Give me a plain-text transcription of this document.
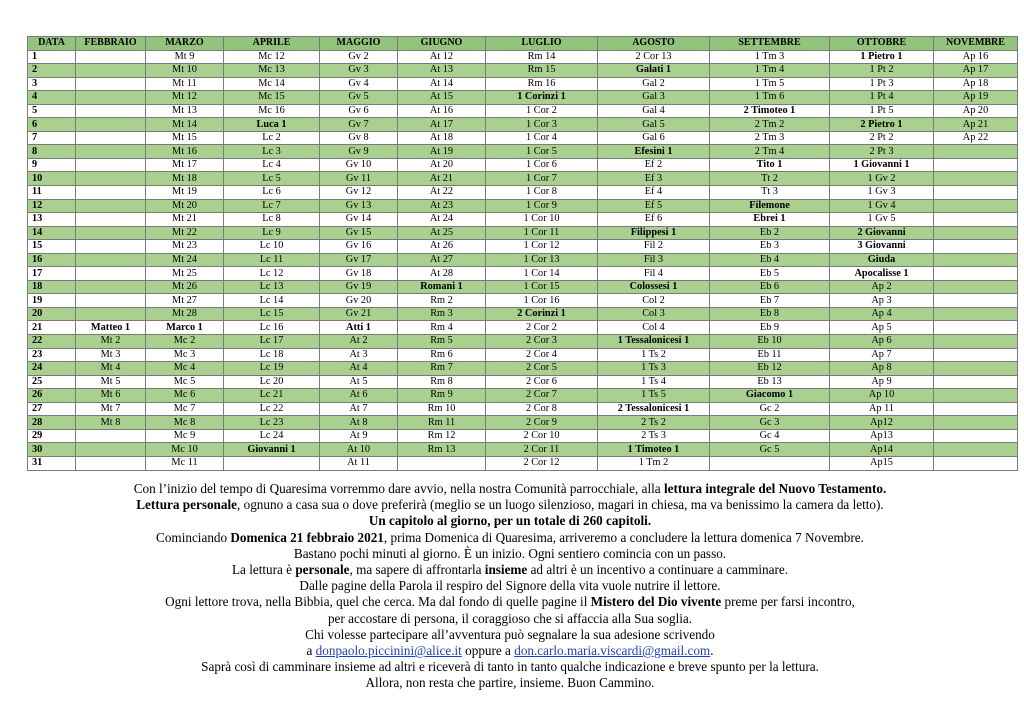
DATA	FEBBRAIO	MARZO	APRILE	MAGGIO	GIUGNO	LUGLIO	AGOSTO	SETTEMBRE	OTTOBRE	NOVEMBRE
1		Mt 9	Mc 12	Gv 2	At 12	Rm 14	2 Cor 13	1 Tm 3	1 Pietro 1	Ap 16
2		Mt 10	Mc 13	Gv 3	At 13	Rm 15	Galati 1	1 Tm 4	1 Pt 2	Ap 17
3		Mt 11	Mc 14	Gv 4	At 14	Rm 16	Gal 2	1 Tm 5	1 Pt 3	Ap 18
4		Mt 12	Mc 15	Gv 5	At 15	1 Corinzi 1	Gal 3	1 Tm 6	1 Pt 4	Ap 19
5		Mt 13	Mc 16	Gv 6	At 16	1 Cor 2	Gal 4	2 Timoteo 1	1 Pt 5	Ap 20
6		Mt 14	Luca 1	Gv 7	At 17	1 Cor 3	Gal 5	2 Tm 2	2 Pietro 1	Ap 21
7		Mt 15	Lc 2	Gv 8	At 18	1 Cor 4	Gal 6	2 Tm 3	2 Pt 2	Ap 22
8		Mt 16	Lc 3	Gv 9	At 19	1 Cor 5	Efesini 1	2 Tm 4	2 Pt 3	
9		Mt 17	Lc 4	Gv 10	At 20	1 Cor 6	Ef 2	Tito 1	1 Giovanni 1	
10		Mt 18	Lc 5	Gv 11	At 21	1 Cor 7	Ef 3	Tt 2	1 Gv 2	
11		Mt 19	Lc 6	Gv 12	At 22	1 Cor 8	Ef 4	Tt 3	1 Gv 3	
12		Mt 20	Lc 7	Gv 13	At 23	1 Cor 9	Ef 5	Filemone	1 Gv 4	
13		Mt 21	Lc 8	Gv 14	At 24	1 Cor 10	Ef 6	Ebrei 1	1 Gv 5	
14		Mt 22	Lc 9	Gv 15	At 25	1 Cor 11	Filippesi 1	Eb 2	2 Giovanni	
15		Mt 23	Lc 10	Gv 16	At 26	1 Cor 12	Fil 2	Eb 3	3 Giovanni	
16		Mt 24	Lc 11	Gv 17	At 27	1 Cor 13	Fil 3	Eb 4	Giuda	
17		Mt 25	Lc 12	Gv 18	At 28	1 Cor 14	Fil 4	Eb 5	Apocalisse 1	
18		Mt 26	Lc 13	Gv 19	Romani 1	1 Cor 15	Colossesi 1	Eb 6	Ap 2	
19		Mt 27	Lc 14	Gv 20	Rm 2	1 Cor 16	Col 2	Eb 7	Ap 3	
20		Mt 28	Lc 15	Gv 21	Rm 3	2 Corinzi 1	Col 3	Eb 8	Ap 4	
21	Matteo 1	Marco 1	Lc 16	Atti 1	Rm 4	2 Cor 2	Col 4	Eb 9	Ap 5	
22	Mt 2	Mc 2	Lc 17	At 2	Rm 5	2 Cor 3	1 Tessalonicesi 1	Eb 10	Ap 6	
23	Mt 3	Mc 3	Lc 18	At 3	Rm 6	2 Cor 4	1 Ts 2	Eb 11	Ap 7	
24	Mt 4	Mc 4	Lc 19	At 4	Rm 7	2 Cor 5	1 Ts 3	Eb 12	Ap 8	
25	Mt 5	Mc 5	Lc 20	At 5	Rm 8	2 Cor 6	1 Ts 4	Eb 13	Ap 9	
26	Mt 6	Mc 6	Lc 21	At 6	Rm 9	2 Cor 7	1 Ts 5	Giacomo 1	Ap 10	
27	Mt 7	Mc 7	Lc 22	At 7	Rm 10	2 Cor 8	2 Tessalonicesi 1	Gc 2	Ap 11	
28	Mt 8	Mc 8	Lc 23	At 8	Rm 11	2 Cor 9	2 Ts 2	Gc 3	Ap12	
29		Mc 9	Lc 24	At 9	Rm 12	2 Cor 10	2 Ts 3	Gc 4	Ap13	
30		Mc 10	Giovanni 1	At 10	Rm 13	2 Cor 11	1 Timoteo 1	Gc 5	Ap14	
31		Mc 11		At 11		2 Cor 12	1 Tm 2		Ap15	

Con l’inizio del tempo di Quaresima vorremmo dare avvio, nella nostra Comunità parrocchiale, alla lettura integrale del Nuovo Testamento.

Lettura personale, ognuno a casa sua o dove preferirà (meglio se un luogo silenzioso, magari in chiesa, ma va benissimo la camera da letto).

Un capitolo al giorno, per un totale di 260 capitoli.

Cominciando Domenica 21 febbraio 2021, prima Domenica di Quaresima, arriveremo a concludere la lettura domenica 7 Novembre.

Bastano pochi minuti al giorno. È un inizio. Ogni sentiero comincia con un passo.

La lettura è personale, ma sapere di affrontarla insieme ad altri è un incentivo a continuare a camminare.

Dalle pagine della Parola il respiro del Signore della vita vuole nutrire il lettore.

Ogni lettore trova, nella Bibbia, quel che cerca. Ma dal fondo di quelle pagine il Mistero del Dio vivente preme per farsi incontro,

per accostare di persona, il coraggioso che si affaccia alla Sua soglia.

Chi volesse partecipare all’avventura può segnalare la sua adesione scrivendo

a donpaolo.piccinini@alice.it oppure a don.carlo.maria.viscardi@gmail.com.

Saprà così di camminare insieme ad altri e riceverà di tanto in tanto qualche indicazione e breve spunto per la lettura.

Allora, non resta che partire, insieme. Buon Cammino.
